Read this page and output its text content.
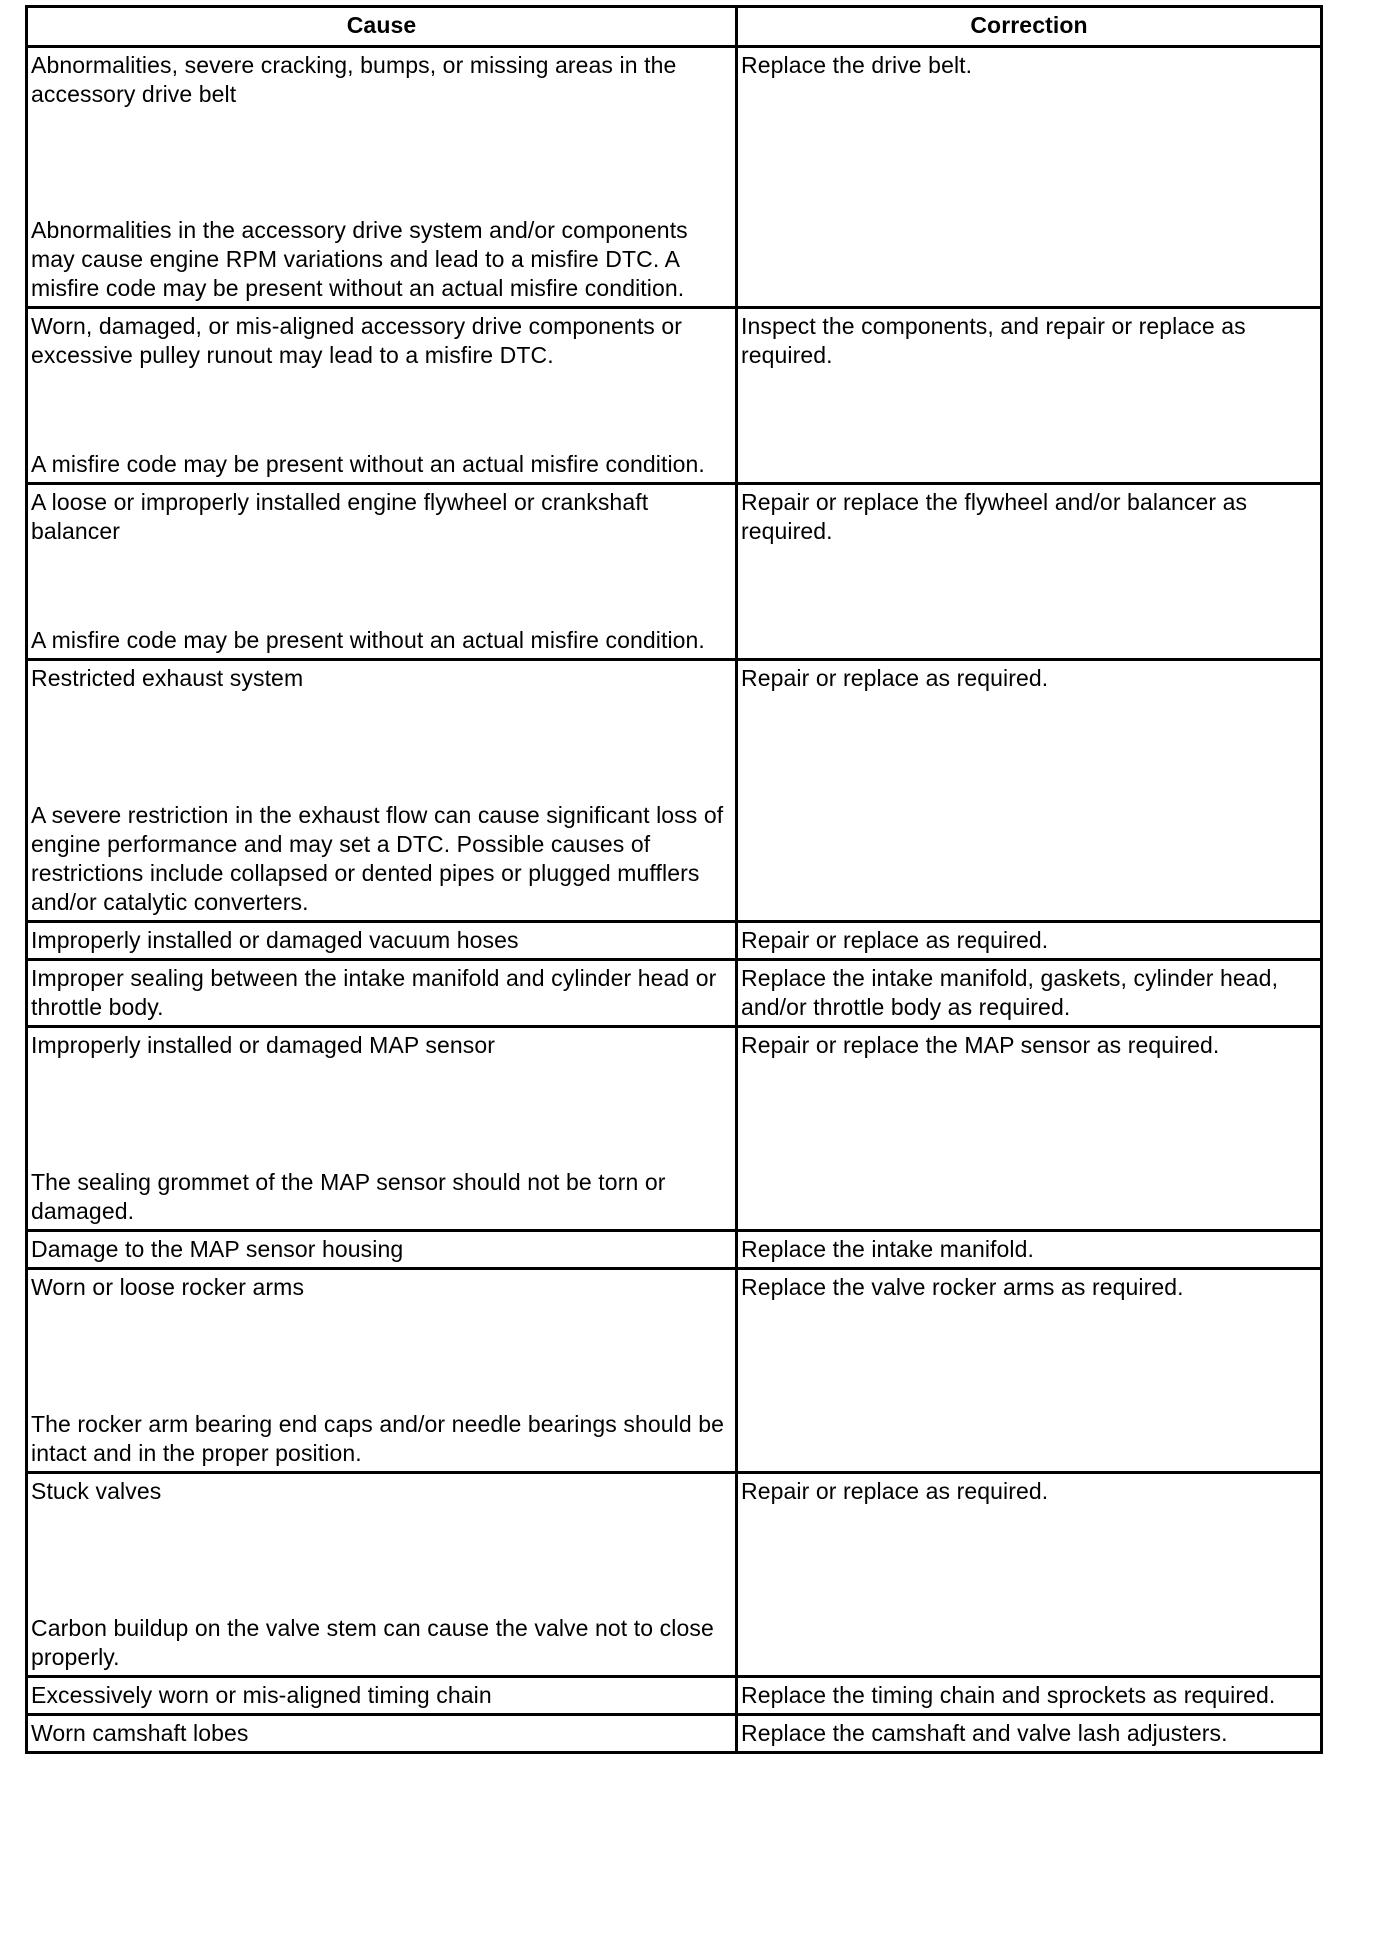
Cause	Correction

Abnormalities, severe cracking, bumps, or missing areas in the accessory drive belt
Abnormalities in the accessory drive system and/or components may cause engine RPM variations and lead to a misfire DTC. A misfire code may be present without an actual misfire condition.	Replace the drive belt.

Worn, damaged, or mis-aligned accessory drive components or excessive pulley runout may lead to a misfire DTC.
A misfire code may be present without an actual misfire condition.	Inspect the components, and repair or replace as required.

A loose or improperly installed engine flywheel or crankshaft balancer
A misfire code may be present without an actual misfire condition.	Repair or replace the flywheel and/or balancer as required.

Restricted exhaust system
A severe restriction in the exhaust flow can cause significant loss of engine performance and may set a DTC. Possible causes of restrictions include collapsed or dented pipes or plugged mufflers and/or catalytic converters.	Repair or replace as required.
Improperly installed or damaged vacuum hoses	Repair or replace as required.
Improper sealing between the intake manifold and cylinder head or throttle body.	Replace the intake manifold, gaskets, cylinder head, and/or throttle body as required.

Improperly installed or damaged MAP sensor
The sealing grommet of the MAP sensor should not be torn or damaged.	Repair or replace the MAP sensor as required.
Damage to the MAP sensor housing	Replace the intake manifold.

Worn or loose rocker arms
The rocker arm bearing end caps and/or needle bearings should be intact and in the proper position.	Replace the valve rocker arms as required.

Stuck valves
Carbon buildup on the valve stem can cause the valve not to close properly.	Repair or replace as required.
Excessively worn or mis-aligned timing chain	Replace the timing chain and sprockets as required.
Worn camshaft lobes	Replace the camshaft and valve lash adjusters.
